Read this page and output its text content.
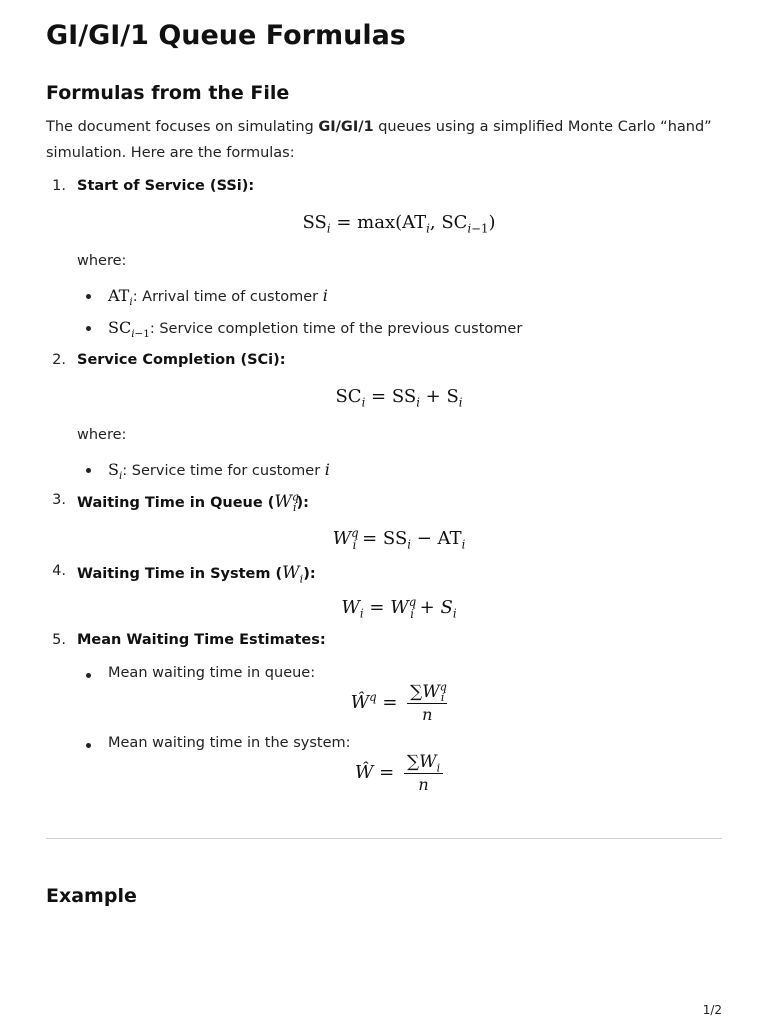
GI/GI/1 Queue Formulas
Formulas from the File
The document focuses on simulating GI/GI/1 queues using a simplified Monte Carlo “hand”
simulation. Here are the formulas:
1. Start of Service (SSi):
$SS_i = \max(AT_i$, $SC_{i-1}$)
where:
$AT_i$: Arrival time of customer i
$SC_{i-1}$: Service completion time of the previous customer
2. Service Completion (SCi):
$SC_i = SS_i + S_i$
where:
$S_i$: Service time for customer i
3. Waiting Time in Queue $(W^q_i)$:
$W^q_i = SS_i - AT_i$
4. Waiting Time in System $(W_i)$:
$W_i = W^q_i + S_i$
5. Mean Waiting Time Estimates:
Mean waiting time in queue:
$Ŵ^q = \frac{\sum W^q_i}{n}$
Mean waiting time in the system:
Ŵ = $\frac{\sum W_i}{n}$
Example
1/2
